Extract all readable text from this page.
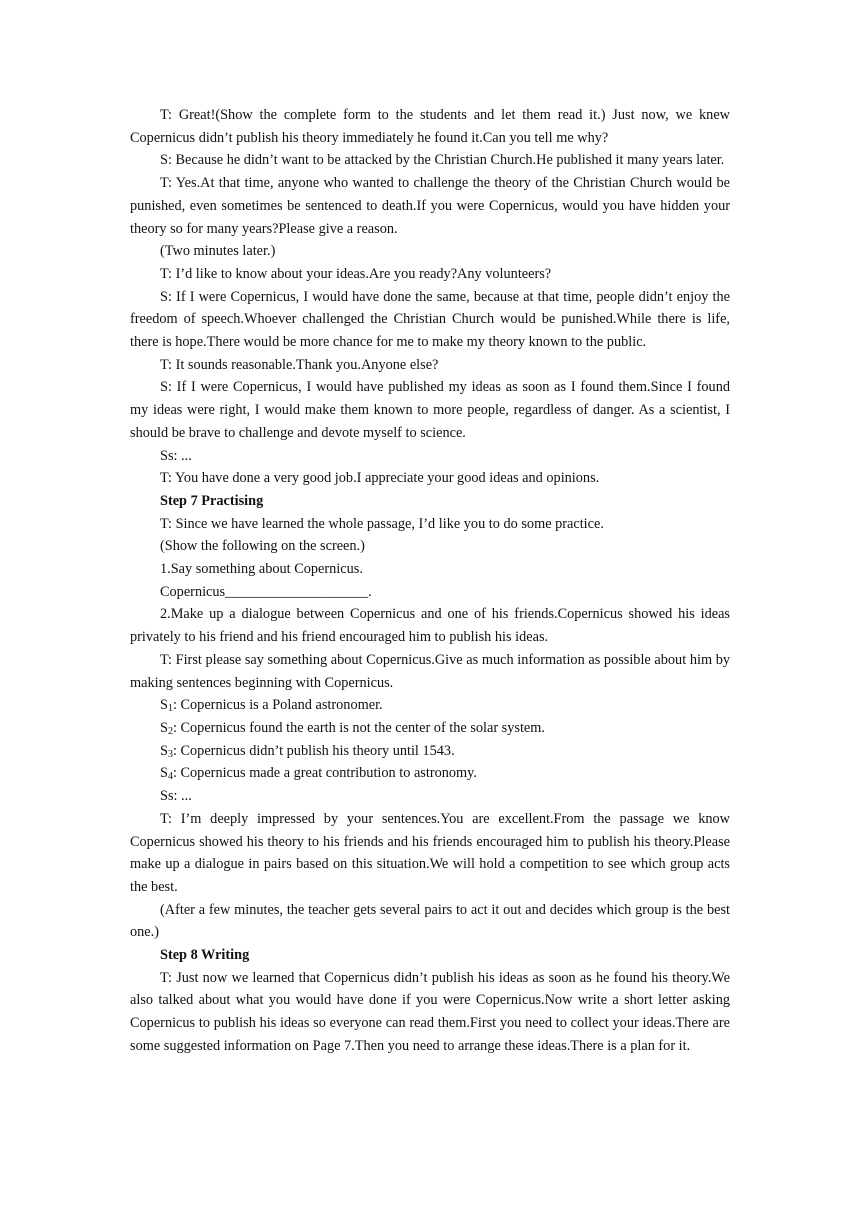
T: Great!(Show the complete form to the students and let them read it.) Just now, we knew Copernicus didn’t publish his theory immediately he found it.Can you tell me why?

S: Because he didn’t want to be attacked by the Christian Church.He published it many years later.

T: Yes.At that time, anyone who wanted to challenge the theory of the Christian Church would be punished, even sometimes be sentenced to death.If you were Copernicus, would you have hidden your theory so for many years?Please give a reason.

(Two minutes later.)

T: I’d like to know about your ideas.Are you ready?Any volunteers?

S: If I were Copernicus, I would have done the same, because at that time, people didn’t enjoy the freedom of speech.Whoever challenged the Christian Church would be punished.While there is life, there is hope.There would be more chance for me to make my theory known to the public.

T: It sounds reasonable.Thank you.Anyone else?

S: If I were Copernicus, I would have published my ideas as soon as I found them.Since I found my ideas were right, I would make them known to more people, regardless of danger. As a scientist, I should be brave to challenge and devote myself to science.

Ss: ...

T: You have done a very good job.I appreciate your good ideas and opinions.

Step 7 Practising

T: Since we have learned the whole passage, I’d like you to do some practice.

(Show the following on the screen.)

1.Say something about Copernicus.

Copernicus____________________.

2.Make up a dialogue between Copernicus and one of his friends.Copernicus showed his ideas privately to his friend and his friend encouraged him to publish his ideas.

T: First please say something about Copernicus.Give as much information as possible about him by making sentences beginning with Copernicus.

$S_1$: Copernicus is a Poland astronomer.

$S_2$: Copernicus found the earth is not the center of the solar system.

$S_3$: Copernicus didn’t publish his theory until 1543.

$S_4$: Copernicus made a great contribution to astronomy.

Ss: ...

T: I’m deeply impressed by your sentences.You are excellent.From the passage we know Copernicus showed his theory to his friends and his friends encouraged him to publish his theory.Please make up a dialogue in pairs based on this situation.We will hold a competition to see which group acts the best.

(After a few minutes, the teacher gets several pairs to act it out and decides which group is the best one.)

Step 8 Writing

T: Just now we learned that Copernicus didn’t publish his ideas as soon as he found his theory.We also talked about what you would have done if you were Copernicus.Now write a short letter asking Copernicus to publish his ideas so everyone can read them.First you need to collect your ideas.There are some suggested information on Page 7.Then you need to arrange these ideas.There is a plan for it.
